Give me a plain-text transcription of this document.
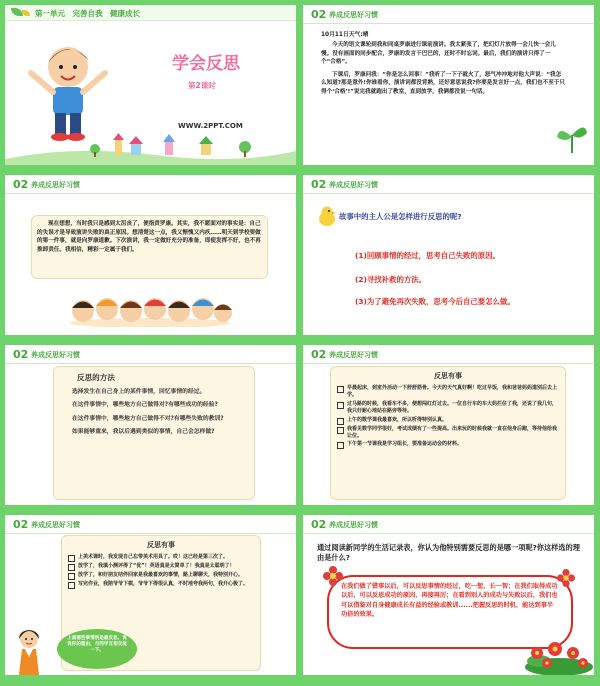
第一单元　完善自我　健康成长
学会反思
第2课时
WWW.2PPT.COM
02 养成反思好习惯
10月11日天气:晴

今天的语文课轮到我和同桌罗康进行课前演讲。我太紧张了，把幻灯片放得一会儿快一会儿慢。没有画面的同步配合，罗康的发言干巴巴的，还时不时忘词。最后，我们的演讲只得了一个“合格”。

下课后，罗康问我：“你是怎么回事！”我听了一下子就火了，怒气冲冲地对他大声说：“我怎么知道?那是意外!你谁看你，演讲词都没背熟，还好意思说我?你要是发言好一点，我们也不至于只得个‘合格’!”说完我就跑出了教室，直到放学，我俩都没说一句话。

02 养成反思好习惯

现在想想，当时我只是感到太沮丧了，便指责罗康。其实，我不愿面对的事实是：自己的失误才是导致演讲失败的真正原因。想清楚这一点，我又惭愧又内疚……明天到学校要做的第一件事，就是向罗康道歉。下次演讲，我一定做好充分的准备，即使发挥不好，也不再推卸责任。我相信，精彩一定属于我们。

02 养成反思好习惯
故事中的主人公是怎样进行反思的呢?
(1)回顾事情的经过，思考自己失败的原因。
(2)寻找补救的方法。
(3)为了避免再次失败，思考今后自己要怎么做。
02 养成反思好习惯
反思的方法

选择发生在自己身上的某件事情，回忆事情的经过。

在这件事情中，哪些地方自己做得对?有哪些成功的经验?

在这件事情中，哪些地方自己做得不对?有哪些失败的教训?

如果能够重来，我以后遇到类似的事情，自己会怎样做?

02 养成反思好习惯
反思有事
早晨起床，到室外活动一下舒舒筋骨。今天的天气真好啊！吃过早饭，我和爸爸妈妈道别后去上学。
过马路的时候，我看车不多，便想闯红灯过去。一位自行车的车大妈拦住了我，还说了我几句，我只好耐心地站在路旁等待。
上午的数学课我最喜欢，所以听得特别认真。
我看见数学同学很好，考试成绩有了一些提高。出来玩的时候我就一直在他身后跑，等待他给我让位。
下午第一节课我是学习组长，要准备运动会的材料。
02 养成反思好习惯
反思有事
上美术课时，我发现自己忘带美术用具了。哎！这已经是第三次了。
放学了，我填小测评得了“优”！英语真是太简单了！我真是太聪明了！
放学了，和好朋友结伴回家是我最喜欢的事情，路上聊聊天，我特别开心。
写完作业，我陪爷爷下棋，爷爷下得很认真，不时地夸我两句，我开心极了。
上面哪些事情别是最反思，说说你的理由，与同学互相交流一下。
02 养成反思好习惯
通过阅读新同学的生活记录表，你认为他特别需要反思的是哪一项呢?你这样选的理由是什么?
在我们做了错事以后，可以反思事情的经过，吃一堑，长一智；在我们取得成功以后，可以反思成功的原因，再接再厉；在看到别人的成功与失败以后，我们也可以借鉴对自身健康成长有益的经验或教训......把握反思的时机，能达到事半功倍的效果。
